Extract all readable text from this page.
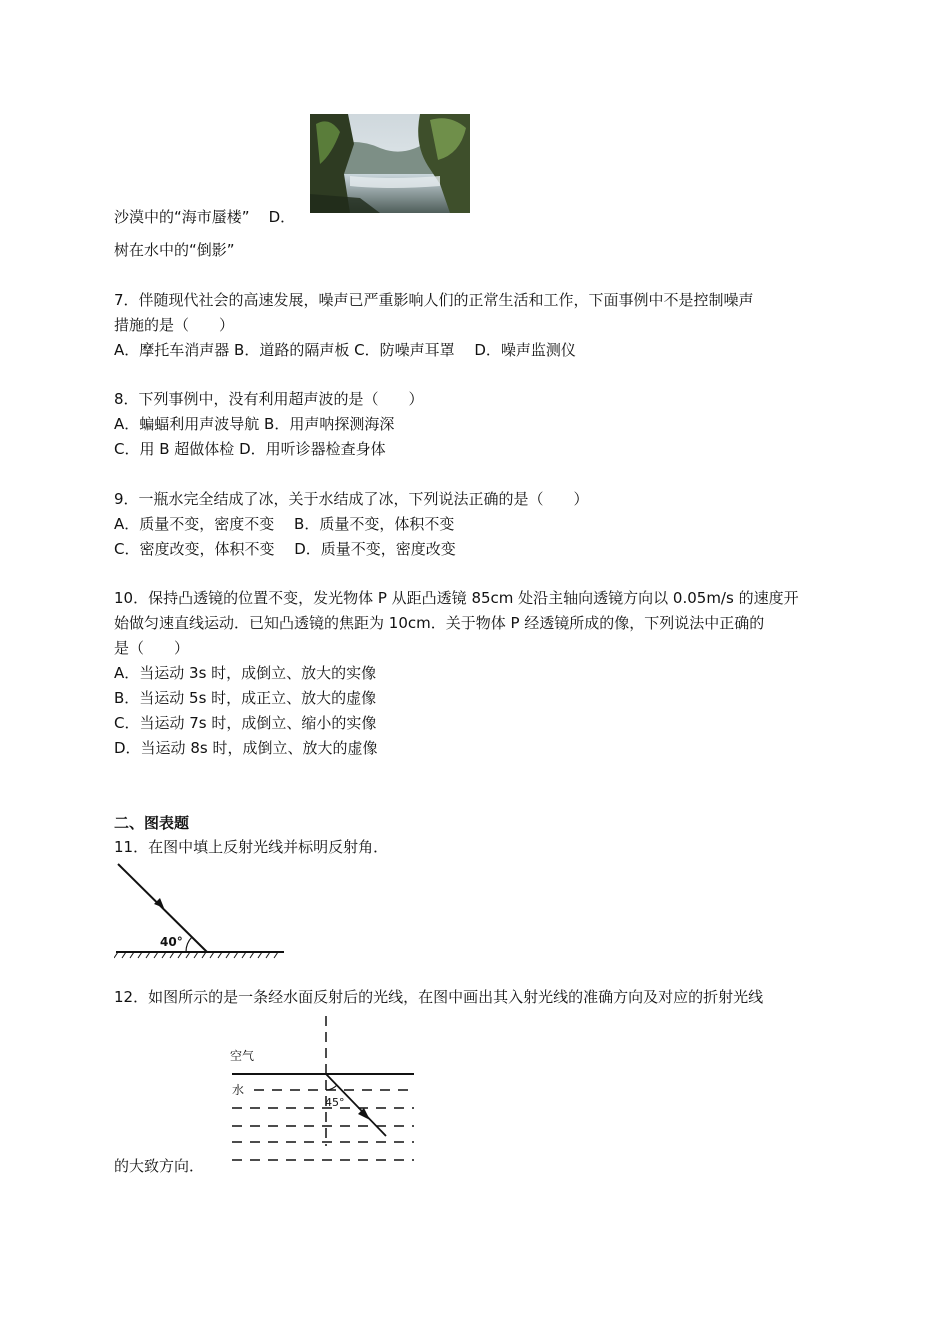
沙漠中的“海市蜃楼” D．
树在水中的“倒影”
7．伴随现代社会的高速发展，噪声已严重影响人们的正常生活和工作，下面事例中不是控制噪声
措施的是（　　）
A．摩托车消声器 B．道路的隔声板 C．防噪声耳罩　 D．噪声监测仪
8．下列事例中，没有利用超声波的是（　　）
A．蝙蝠利用声波导航 B．用声呐探测海深
C．用 B 超做体检 D．用听诊器检查身体
9．一瓶水完全结成了冰，关于水结成了冰，下列说法正确的是（　　）
A．质量不变，密度不变　 B．质量不变，体积不变
C．密度改变，体积不变　 D．质量不变，密度改变
10．保持凸透镜的位置不变，发光物体 P 从距凸透镜 85cm 处沿主轴向透镜方向以 0.05m/s 的速度开
始做匀速直线运动．已知凸透镜的焦距为 10cm．关于物体 P 经透镜所成的像，下列说法中正确的
是（　　）
A．当运动 3s 时，成倒立、放大的实像
B．当运动 5s 时，成正立、放大的虚像
C．当运动 7s 时，成倒立、缩小的实像
D．当运动 8s 时，成倒立、放大的虚像
二、图表题
11．在图中填上反射光线并标明反射角．
40°
12．如图所示的是一条经水面反射后的光线，在图中画出其入射光线的准确方向及对应的折射光线
空气
水
45°
的大致方向．
